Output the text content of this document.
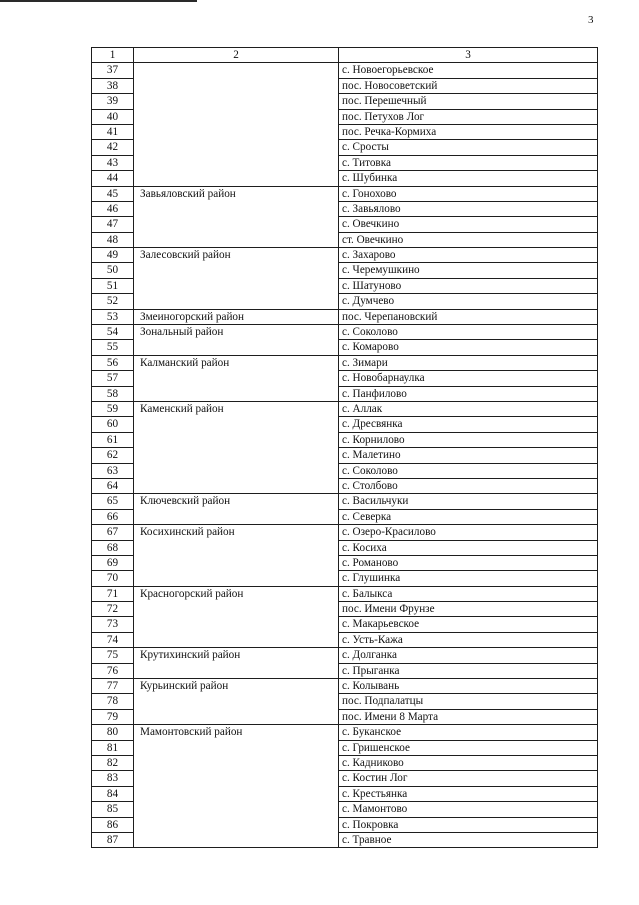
3
1	2	3
37		с. Новоегорьевское
38		пос. Новосоветский
39		пос. Перешечный
40		пос. Петухов Лог
41		пос. Речка-Кормиха
42		с. Сросты
43		с. Титовка
44		с. Шубинка
45	Завьяловский район	с. Гонохово
46		с. Завьялово
47		с. Овечкино
48		ст. Овечкино
49	Залесовский район	с. Захарово
50		с. Черемушкино
51		с. Шатуново
52		с. Думчево
53	Змеиногорский район	пос. Черепановский
54	Зональный район	с. Соколово
55		с. Комарово
56	Калманский район	с. Зимари
57		с. Новобарнаулка
58		с. Панфилово
59	Каменский район	с. Аллак
60		с. Дресвянка
61		с. Корнилово
62		с. Малетино
63		с. Соколово
64		с. Столбово
65	Ключевский район	с. Васильчуки
66		с. Северка
67	Косихинский район	с. Озеро-Красилово
68		с. Косиха
69		с. Романово
70		с. Глушинка
71	Красногорский район	с. Балыкса
72		пос. Имени Фрунзе
73		с. Макарьевское
74		с. Усть-Кажа
75	Крутихинский район	с. Долганка
76		с. Прыганка
77	Курьинский район	с. Колывань
78		пос. Подпалатцы
79		пос. Имени 8 Марта
80	Мамонтовский район	с. Буканское
81		с. Гришенское
82		с. Кадниково
83		с. Костин Лог
84		с. Крестьянка
85		с. Мамонтово
86		с. Покровка
87		с. Травное
